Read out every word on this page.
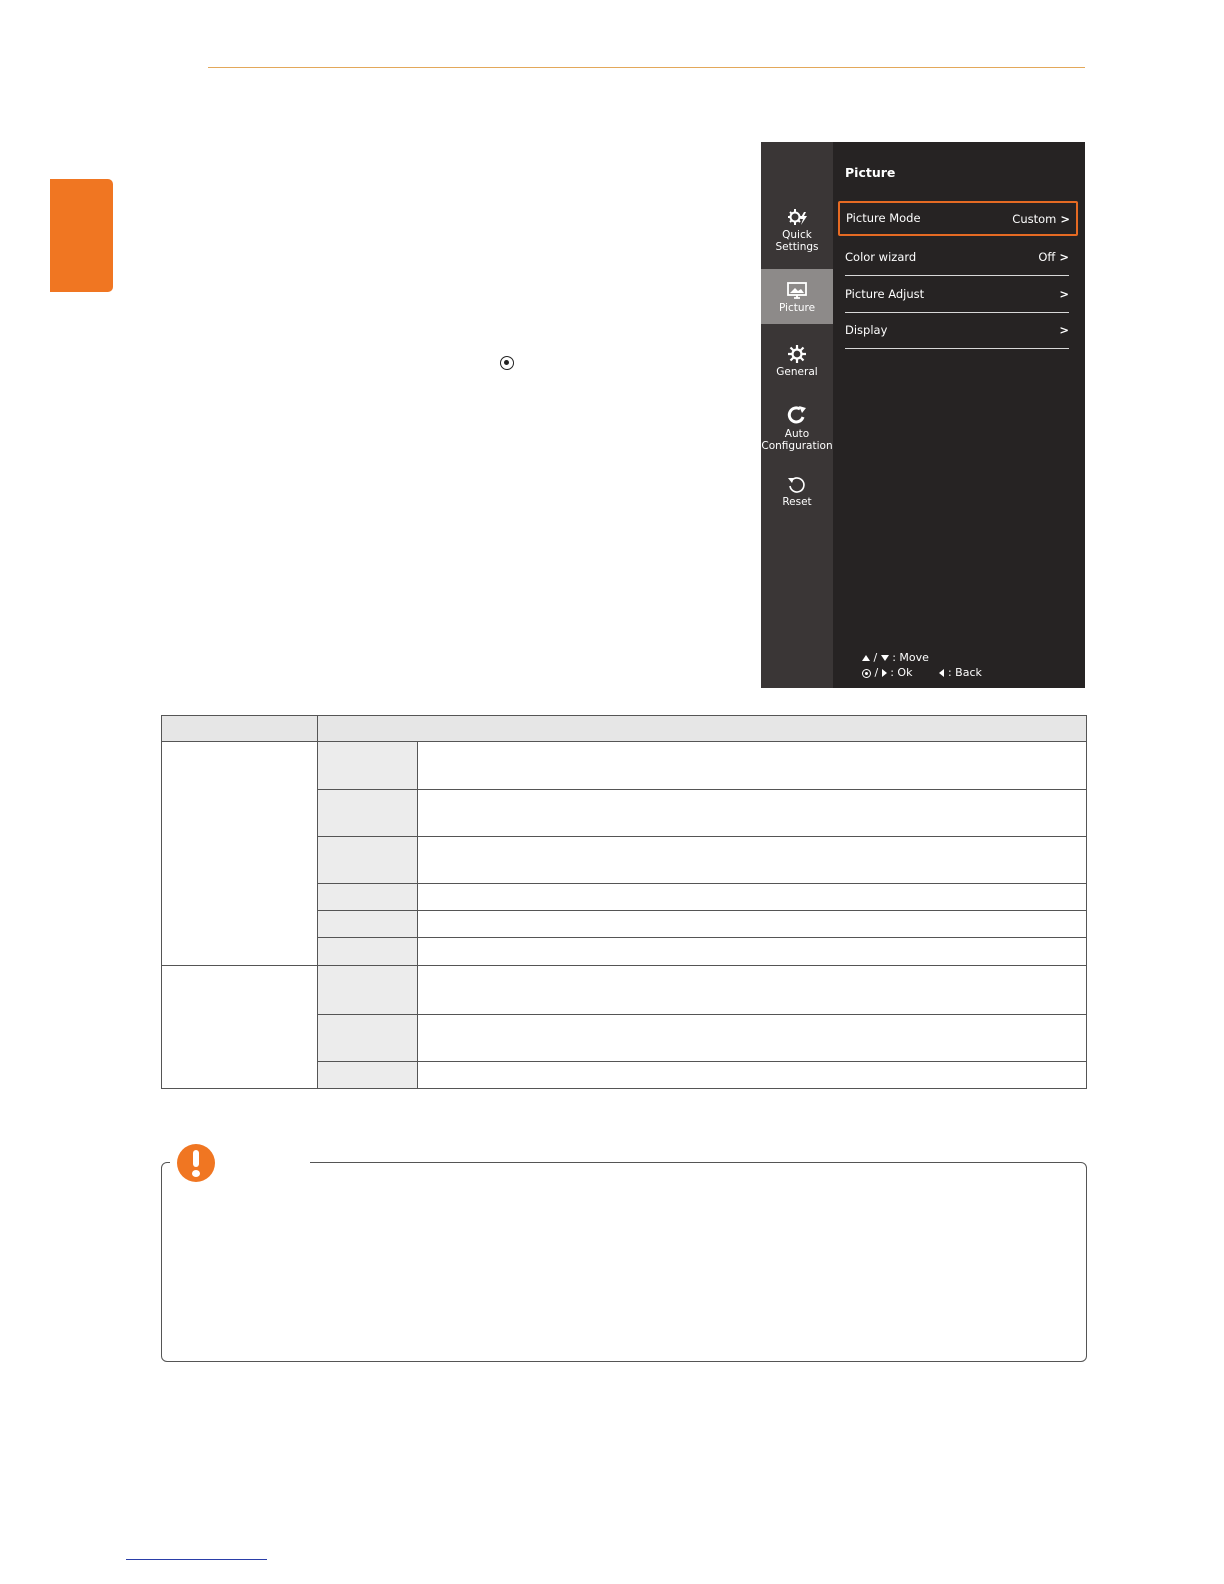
Quick
Settings
Picture
General
Auto
Configuration
Reset
Picture
Picture Mode	Custom >
Color wizard	Off >
Picture Adjust	>
Display	>
/ : Move
/ : Ok	: Back
